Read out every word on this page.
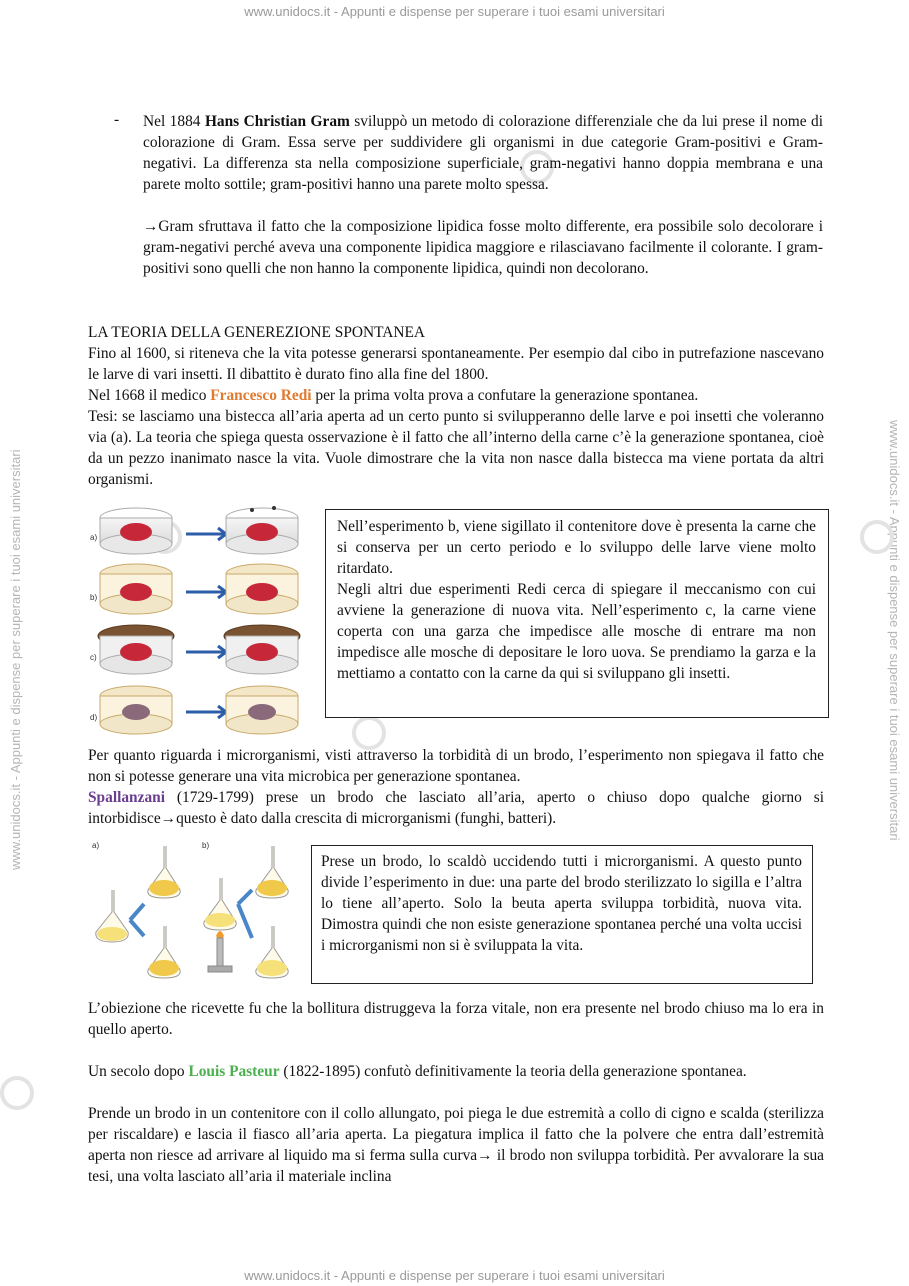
www.unidocs.it - Appunti e dispense per superare i tuoi esami universitari
www.unidocs.it - Appunti e dispense per superare i tuoi esami universitari
www.unidocs.it - Appunti e dispense per superare i tuoi esami universitari	www.unidocs.it - Appunti e dispense per superare i tuoi esami universitari
- Nel 1884 Hans Christian Gram sviluppò un metodo di colorazione differenziale che da lui prese il nome di colorazione di Gram. Essa serve per suddividere gli organismi in due categorie Gram-positivi e Gram-negativi. La differenza sta nella composizione superficiale, gram-negativi hanno doppia membrana e una parete molto sottile; gram-positivi hanno una parete molto spessa.

→Gram sfruttava il fatto che la composizione lipidica fosse molto differente, era possibile solo decolorare i gram-negativi perché aveva una componente lipidica maggiore e rilasciavano facilmente il colorante. I gram-positivi sono quelli che non hanno la componente lipidica, quindi non decolorano.

LA TEORIA DELLA GENEREZIONE SPONTANEA

Fino al 1600, si riteneva che la vita potesse generarsi spontaneamente. Per esempio dal cibo in putrefazione nascevano le larve di vari insetti. Il dibattito è durato fino alla fine del 1800.

Nel 1668 il medico Francesco Redi per la prima volta prova a confutare la generazione spontanea.

Tesi: se lasciamo una bistecca all’aria aperta ad un certo punto si svilupperanno delle larve e poi insetti che voleranno via (a). La teoria che spiega questa osservazione è il fatto che all’interno della carne c’è la generazione spontanea, cioè da un pezzo inanimato nasce la vita. Vuole dimostrare che la vita non nasce dalla bistecca ma viene portata da altri organismi.

a)
b)
c)
d)

Nell’esperimento b, viene sigillato il contenitore dove è presenta la carne che si conserva per un certo periodo e lo sviluppo delle larve viene molto ritardato.

Negli altri due esperimenti Redi cerca di spiegare il meccanismo con cui avviene la generazione di nuova vita. Nell’esperimento c, la carne viene coperta con una garza che impedisce alle mosche di entrare ma non impedisce alle mosche di depositare le loro uova. Se prendiamo la garza e la mettiamo a contatto con la carne da qui si sviluppano gli insetti.

Per quanto riguarda i microrganismi, visti attraverso la torbidità di un brodo, l’esperimento non spiegava il fatto che non si potesse generare una vita microbica per generazione spontanea.

Spallanzani (1729-1799) prese un brodo che lasciato all’aria, aperto o chiuso dopo qualche giorno si intorbidisce→questo è dato dalla crescita di microrganismi (funghi, batteri).

a)	b)

Prese un brodo, lo scaldò uccidendo tutti i microrganismi. A questo punto divide l’esperimento in due: una parte del brodo sterilizzato lo sigilla e l’altra lo tiene all’aperto. Solo la beuta aperta sviluppa torbidità, nuova vita. Dimostra quindi che non esiste generazione spontanea perché una volta uccisi i microrganismi non si è sviluppata la vita.

L’obiezione che ricevette fu che la bollitura distruggeva la forza vitale, non era presente nel brodo chiuso ma lo era in quello aperto.

Un secolo dopo Louis Pasteur (1822-1895) confutò definitivamente la teoria della generazione spontanea.

Prende un brodo in un contenitore con il collo allungato, poi piega le due estremità a collo di cigno e scalda (sterilizza per riscaldare) e lascia il fiasco all’aria aperta. La piegatura implica il fatto che la polvere che entra dall’estremità aperta non riesce ad arrivare al liquido ma si ferma sulla curva→ il brodo non sviluppa torbidità. Per avvalorare la sua tesi, una volta lasciato all’aria il materiale inclina
